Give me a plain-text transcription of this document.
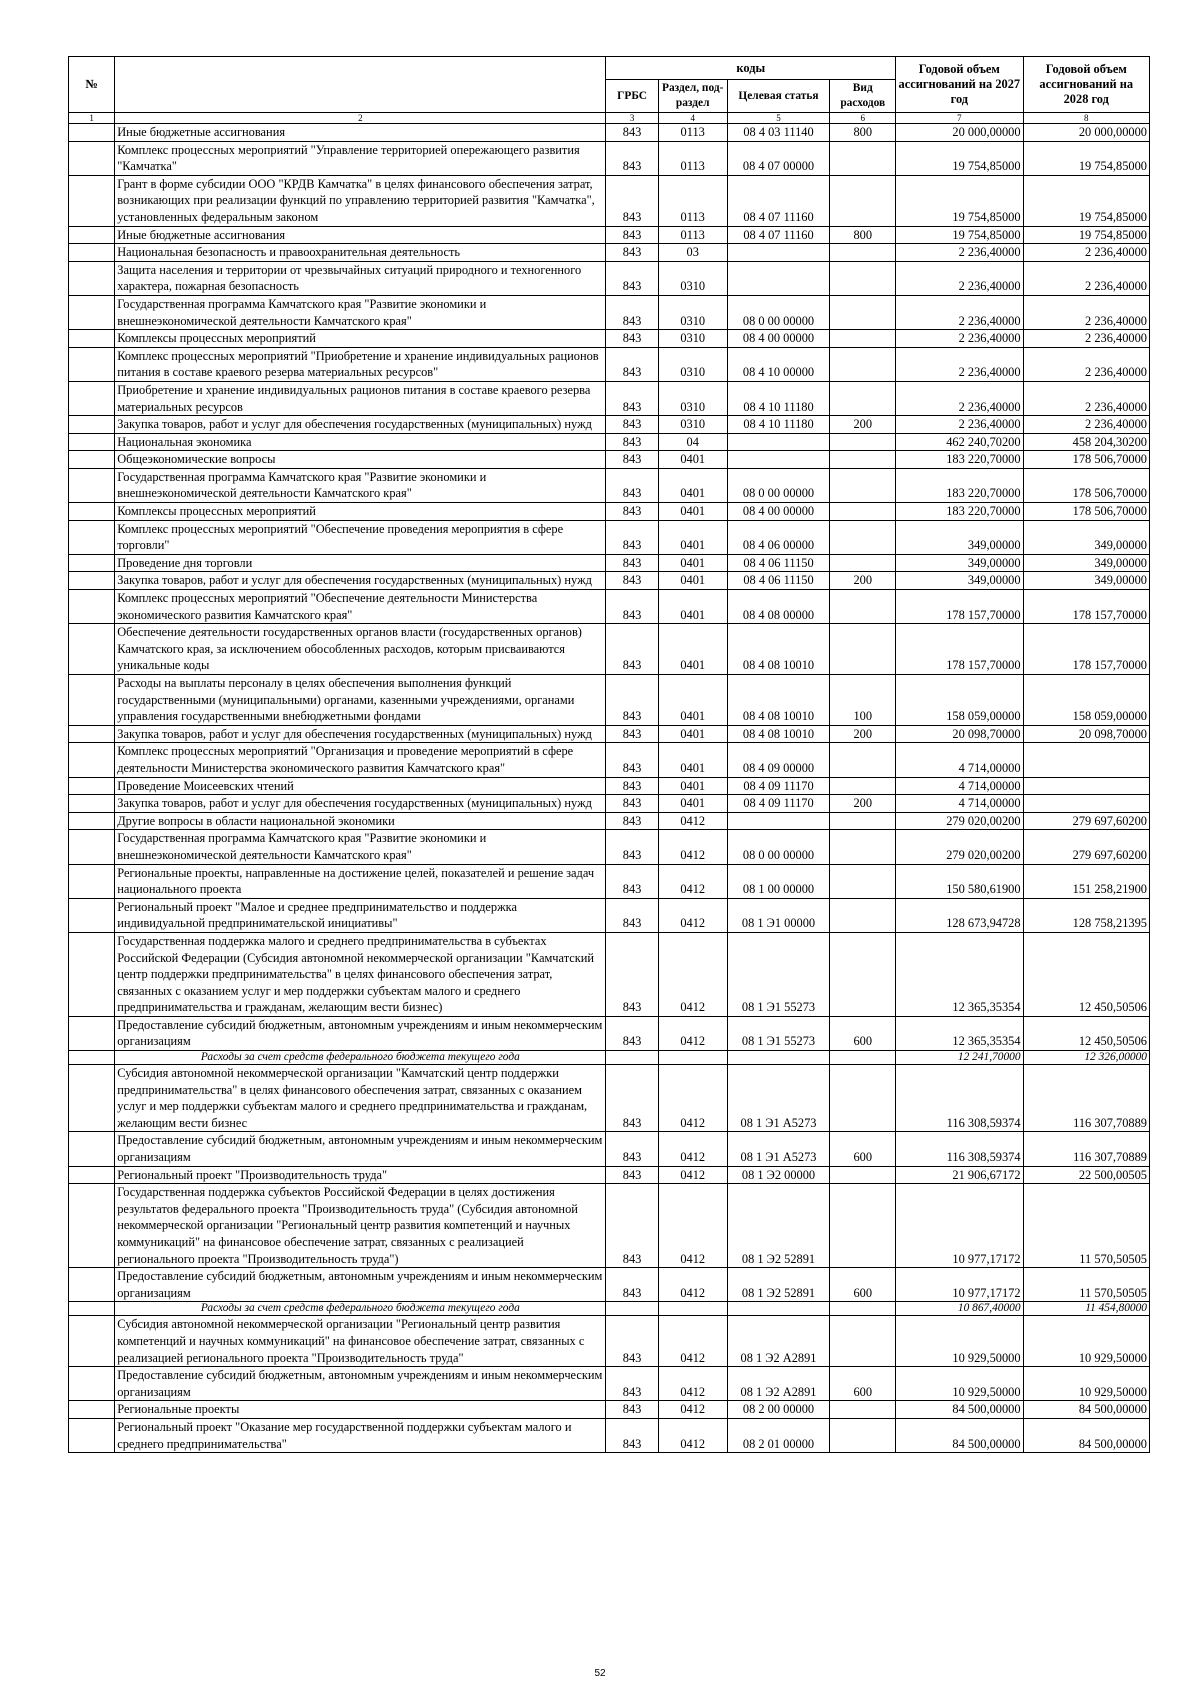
№		коды				Годовой объем ассигнований на 2027 год	Годовой объем ассигнований на 2028 год
		ГРБС	Раздел, под-раздел	Целевая статья	Вид расходов		
1	2	3	4	5	6	7	8
	Иные бюджетные ассигнования	843	0113	08 4 03 11140	800	20 000,00000	20 000,00000
	Комплекс процессных мероприятий "Управление территорией опережающего развития "Камчатка"	843	0113	08 4 07 00000		19 754,85000	19 754,85000
	Грант в форме субсидии ООО "КРДВ Камчатка" в целях финансового обеспечения затрат, возникающих при реализации функций по управлению территорией развития "Камчатка", установленных федеральным законом	843	0113	08 4 07 11160		19 754,85000	19 754,85000
	Иные бюджетные ассигнования	843	0113	08 4 07 11160	800	19 754,85000	19 754,85000
	Национальная безопасность и правоохранительная деятельность	843	03			2 236,40000	2 236,40000
	Защита населения и территории от чрезвычайных ситуаций природного и техногенного характера, пожарная безопасность	843	0310			2 236,40000	2 236,40000
	Государственная программа Камчатского края "Развитие экономики и внешнеэкономической деятельности Камчатского края"	843	0310	08 0 00 00000		2 236,40000	2 236,40000
	Комплексы процессных мероприятий	843	0310	08 4 00 00000		2 236,40000	2 236,40000
	Комплекс процессных мероприятий "Приобретение и хранение индивидуальных рационов питания в составе краевого резерва материальных ресурсов"	843	0310	08 4 10 00000		2 236,40000	2 236,40000
	Приобретение и хранение индивидуальных рационов питания в составе краевого резерва материальных ресурсов	843	0310	08 4 10 11180		2 236,40000	2 236,40000
	Закупка товаров, работ и услуг для обеспечения государственных (муниципальных) нужд	843	0310	08 4 10 11180	200	2 236,40000	2 236,40000
	Национальная экономика	843	04			462 240,70200	458 204,30200
	Общеэкономические вопросы	843	0401			183 220,70000	178 506,70000
	Государственная программа Камчатского края "Развитие экономики и внешнеэкономической деятельности Камчатского края"	843	0401	08 0 00 00000		183 220,70000	178 506,70000
	Комплексы процессных мероприятий	843	0401	08 4 00 00000		183 220,70000	178 506,70000
	Комплекс процессных мероприятий "Обеспечение проведения мероприятия в сфере торговли"	843	0401	08 4 06 00000		349,00000	349,00000
	Проведение дня торговли	843	0401	08 4 06 11150		349,00000	349,00000
	Закупка товаров, работ и услуг для обеспечения государственных (муниципальных) нужд	843	0401	08 4 06 11150	200	349,00000	349,00000
	Комплекс процессных мероприятий "Обеспечение деятельности Министерства экономического развития Камчатского края"	843	0401	08 4 08 00000		178 157,70000	178 157,70000
	Обеспечение деятельности государственных органов власти (государственных органов) Камчатского края, за исключением обособленных расходов, которым присваиваются уникальные коды	843	0401	08 4 08 10010		178 157,70000	178 157,70000
	Расходы на выплаты персоналу в целях обеспечения выполнения функций государственными (муниципальными) органами, казенными учреждениями, органами управления государственными внебюджетными фондами	843	0401	08 4 08 10010	100	158 059,00000	158 059,00000
	Закупка товаров, работ и услуг для обеспечения государственных (муниципальных) нужд	843	0401	08 4 08 10010	200	20 098,70000	20 098,70000
	Комплекс процессных мероприятий "Организация и проведение мероприятий в сфере деятельности Министерства экономического развития Камчатского края"	843	0401	08 4 09 00000		4 714,00000	
	Проведение Моисеевских чтений	843	0401	08 4 09 11170		4 714,00000	
	Закупка товаров, работ и услуг для обеспечения государственных (муниципальных) нужд	843	0401	08 4 09 11170	200	4 714,00000	
	Другие вопросы в области национальной экономики	843	0412			279 020,00200	279 697,60200
	Государственная программа Камчатского края "Развитие экономики и внешнеэкономической деятельности Камчатского края"	843	0412	08 0 00 00000		279 020,00200	279 697,60200
	Региональные проекты, направленные на достижение целей, показателей и решение задач национального проекта	843	0412	08 1 00 00000		150 580,61900	151 258,21900
	Региональный проект "Малое и среднее предпринимательство и поддержка индивидуальной предпринимательской инициативы"	843	0412	08 1 Э1 00000		128 673,94728	128 758,21395
	Государственная поддержка малого и среднего предпринимательства в субъектах Российской Федерации (Субсидия автономной некоммерческой организации "Камчатский центр поддержки предпринимательства" в целях финансового обеспечения затрат, связанных с оказанием услуг и мер поддержки субъектам малого и среднего предпринимательства и гражданам, желающим вести бизнес)	843	0412	08 1 Э1 55273		12 365,35354	12 450,50506
	Предоставление субсидий бюджетным, автономным учреждениям и иным некоммерческим организациям	843	0412	08 1 Э1 55273	600	12 365,35354	12 450,50506
	Расходы за счет средств федерального бюджета текущего года					12 241,70000	12 326,00000
	Субсидия автономной некоммерческой организации "Камчатский центр поддержки предпринимательства" в целях финансового обеспечения затрат, связанных с оказанием услуг и мер поддержки субъектам малого и среднего предпринимательства и гражданам, желающим вести бизнес	843	0412	08 1 Э1 А5273		116 308,59374	116 307,70889
	Предоставление субсидий бюджетным, автономным учреждениям и иным некоммерческим организациям	843	0412	08 1 Э1 А5273	600	116 308,59374	116 307,70889
	Региональный проект "Производительность труда"	843	0412	08 1 Э2 00000		21 906,67172	22 500,00505
	Государственная поддержка субъектов Российской Федерации в целях достижения результатов федерального проекта "Производительность труда" (Субсидия автономной некоммерческой организации "Региональный центр развития компетенций и научных коммуникаций" на финансовое обеспечение затрат, связанных с реализацией регионального проекта "Производительность труда")	843	0412	08 1 Э2 52891		10 977,17172	11 570,50505
	Предоставление субсидий бюджетным, автономным учреждениям и иным некоммерческим организациям	843	0412	08 1 Э2 52891	600	10 977,17172	11 570,50505
	Расходы за счет средств федерального бюджета текущего года					10 867,40000	11 454,80000
	Субсидия автономной некоммерческой организации "Региональный центр развития компетенций и научных коммуникаций" на финансовое обеспечение затрат, связанных с реализацией регионального проекта "Производительность труда"	843	0412	08 1 Э2 А2891		10 929,50000	10 929,50000
	Предоставление субсидий бюджетным, автономным учреждениям и иным некоммерческим организациям	843	0412	08 1 Э2 А2891	600	10 929,50000	10 929,50000
	Региональные проекты	843	0412	08 2 00 00000		84 500,00000	84 500,00000
	Региональный проект "Оказание мер государственной поддержки субъектам малого и среднего предпринимательства"	843	0412	08 2 01 00000		84 500,00000	84 500,00000
52
